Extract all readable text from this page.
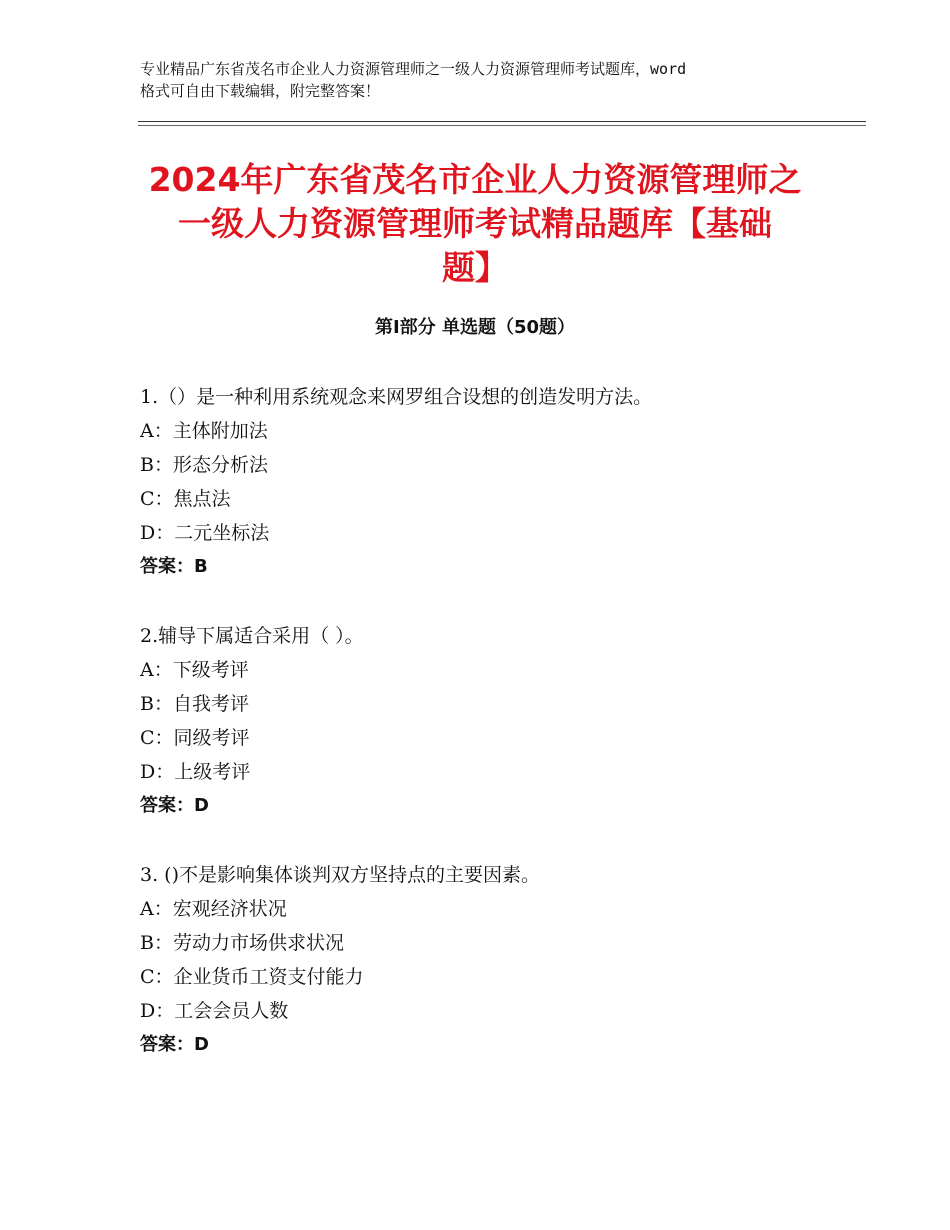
专业精品广东省茂名市企业人力资源管理师之一级人力资源管理师考试题库，word
格式可自由下载编辑，附完整答案！
2024年广东省茂名市企业人力资源管理师之
一级人力资源管理师考试精品题库【基础
题】
第Ⅰ部分 单选题（50题）
1.（）是一种利用系统观念来网罗组合设想的创造发明方法。
A：主体附加法
B：形态分析法
C：焦点法
D：二元坐标法
答案：B
2.辅导下属适合采用（ ）。
A：下级考评
B：自我考评
C：同级考评
D：上级考评
答案：D
3. ()不是影响集体谈判双方坚持点的主要因素。
A：宏观经济状况
B：劳动力市场供求状况
C：企业货币工资支付能力
D：工会会员人数
答案：D
